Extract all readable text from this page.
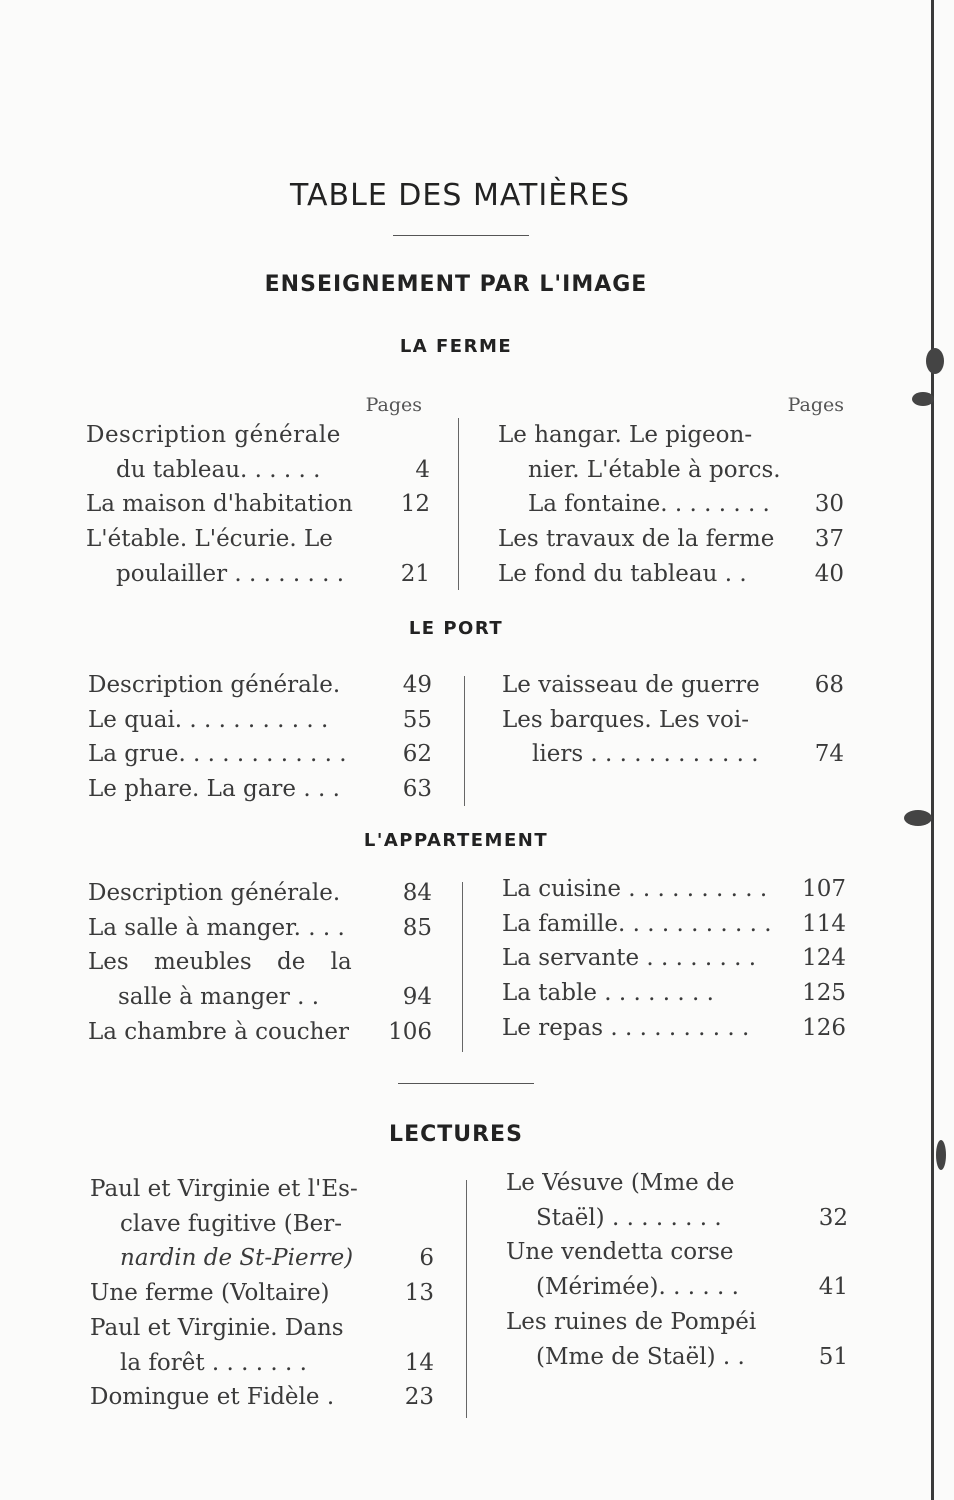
TABLE DES MATIÈRES
ENSEIGNEMENT PAR L'IMAGE
LA FERME
Pages
Description générale
du tableau. . . . . .	4
La maison d'habitation	12
L'étable. L'écurie. Le
poulailler . . . . . . . .	21
Pages
Le hangar. Le pigeon-
nier. L'étable à porcs.
La fontaine. . . . . . . .	30
Les travaux de la ferme	37
Le fond du tableau . .	40
LE PORT
Description générale.	49
Le quai. . . . . . . . . . .	55
La grue. . . . . . . . . . . .	62
Le phare. La gare . . .	63
Le vaisseau de guerre	68
Les barques. Les voi-
liers . . . . . . . . . . . .	74
L'APPARTEMENT
Description générale.	84
La salle à manger. . . .	85
Les meubles de la
salle à manger . .	94
La chambre à coucher	106
La cuisine . . . . . . . . . .	107
La famille. . . . . . . . . . .	114
La servante . . . . . . . .	124
La table . . . . . . . .	125
Le repas . . . . . . . . . .	126
LECTURES
Paul et Virginie et l'Es-
clave fugitive (Ber-
nardin de St-Pierre)	6
Une ferme (Voltaire)	13
Paul et Virginie. Dans
la forêt . . . . . . .	14
Domingue et Fidèle .	23
Le Vésuve (Mme de
Staël) . . . . . . . .	32
Une vendetta corse
(Mérimée). . . . . .	41
Les ruines de Pompéi
(Mme de Staël) . .	51
